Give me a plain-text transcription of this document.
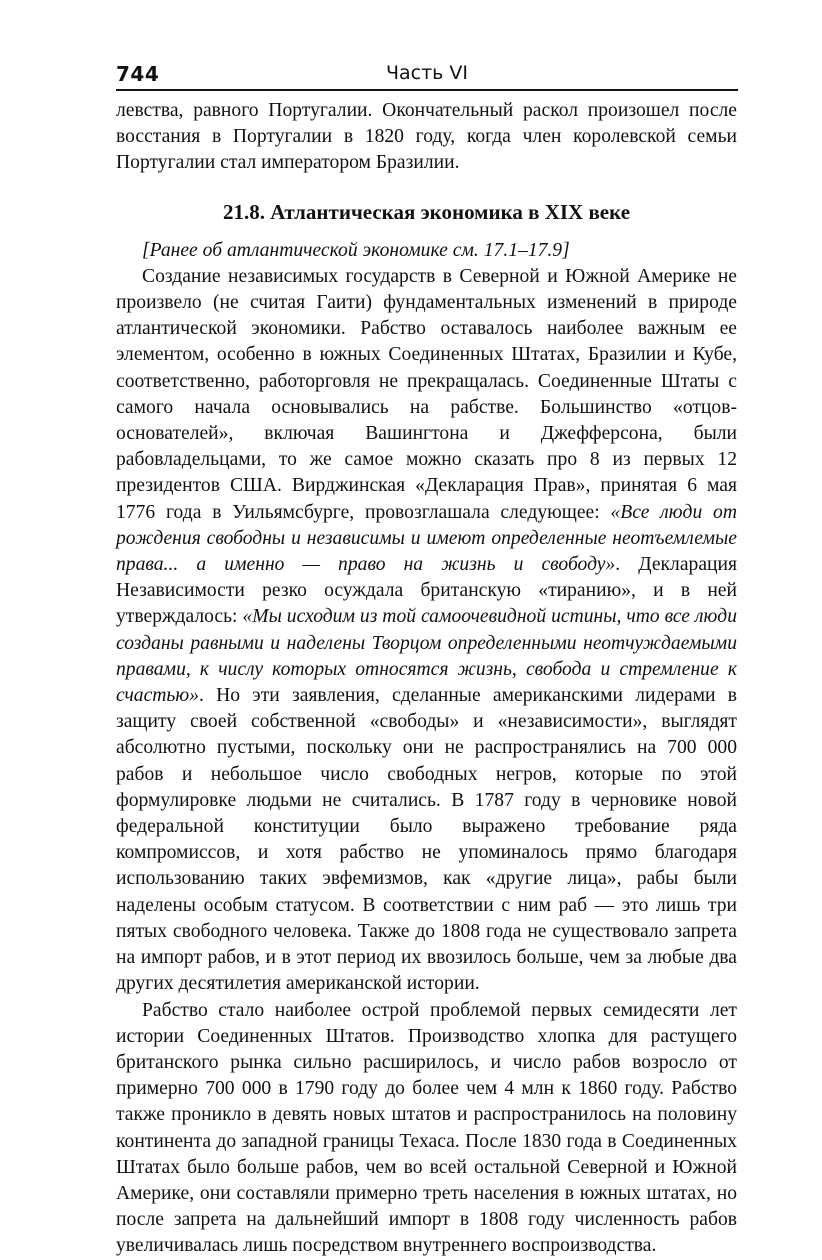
744	Часть VI

левства, равного Португалии. Окончательный раскол произошел после восстания в Португалии в 1820 году, когда член королевской семьи Португалии стал императором Бразилии.

21.8. Атлантическая экономика в XIX веке

[Ранее об атлантической экономике см. 17.1–17.9]

Создание независимых государств в Северной и Южной Америке не произвело (не считая Гаити) фундаментальных изменений в природе атлантической экономики. Рабство оставалось наиболее важным ее элементом, особенно в южных Соединенных Штатах, Бразилии и Кубе, соответственно, работорговля не прекращалась. Соединенные Штаты с самого начала основывались на рабстве. Большинство «отцов-основателей», включая Вашингтона и Джефферсона, были рабовладельцами, то же самое можно сказать про 8 из первых 12 президентов США. Вирджинская «Декларация Прав», принятая 6 мая 1776 года в Уильямсбурге, провозглашала следующее: «Все люди от рождения свободны и независимы и имеют определенные неотъемлемые права... а именно — право на жизнь и свободу». Декларация Независимости резко осуждала британскую «тиранию», и в ней утверждалось: «Мы исходим из той самоочевидной истины, что все люди созданы равными и наделены Творцом определенными неотчуждаемыми правами, к числу которых относятся жизнь, свобода и стремление к счастью». Но эти заявления, сделанные американскими лидерами в защиту своей собственной «свободы» и «независимости», выглядят абсолютно пустыми, поскольку они не распространялись на 700 000 рабов и небольшое число свободных негров, которые по этой формулировке людьми не считались. В 1787 году в черновике новой федеральной конституции было выражено требование ряда компромиссов, и хотя рабство не упоминалось прямо благодаря использованию таких эвфемизмов, как «другие лица», рабы были наделены особым статусом. В соответствии с ним раб — это лишь три пятых свободного человека. Также до 1808 года не существовало запрета на импорт рабов, и в этот период их ввозилось больше, чем за любые два других десятилетия американской истории.

Рабство стало наиболее острой проблемой первых семидесяти лет истории Соединенных Штатов. Производство хлопка для растущего британского рынка сильно расширилось, и число рабов возросло от примерно 700 000 в 1790 году до более чем 4 млн к 1860 году. Рабство также проникло в девять новых штатов и распространилось на половину континента до западной границы Техаса. После 1830 года в Соединенных Штатах было больше рабов, чем во всей остальной Северной и Южной Америке, они составляли примерно треть населения в южных штатах, но после запрета на дальнейший импорт в 1808 году численность рабов увеличивалась лишь посредством внутреннего воспроизводства.
